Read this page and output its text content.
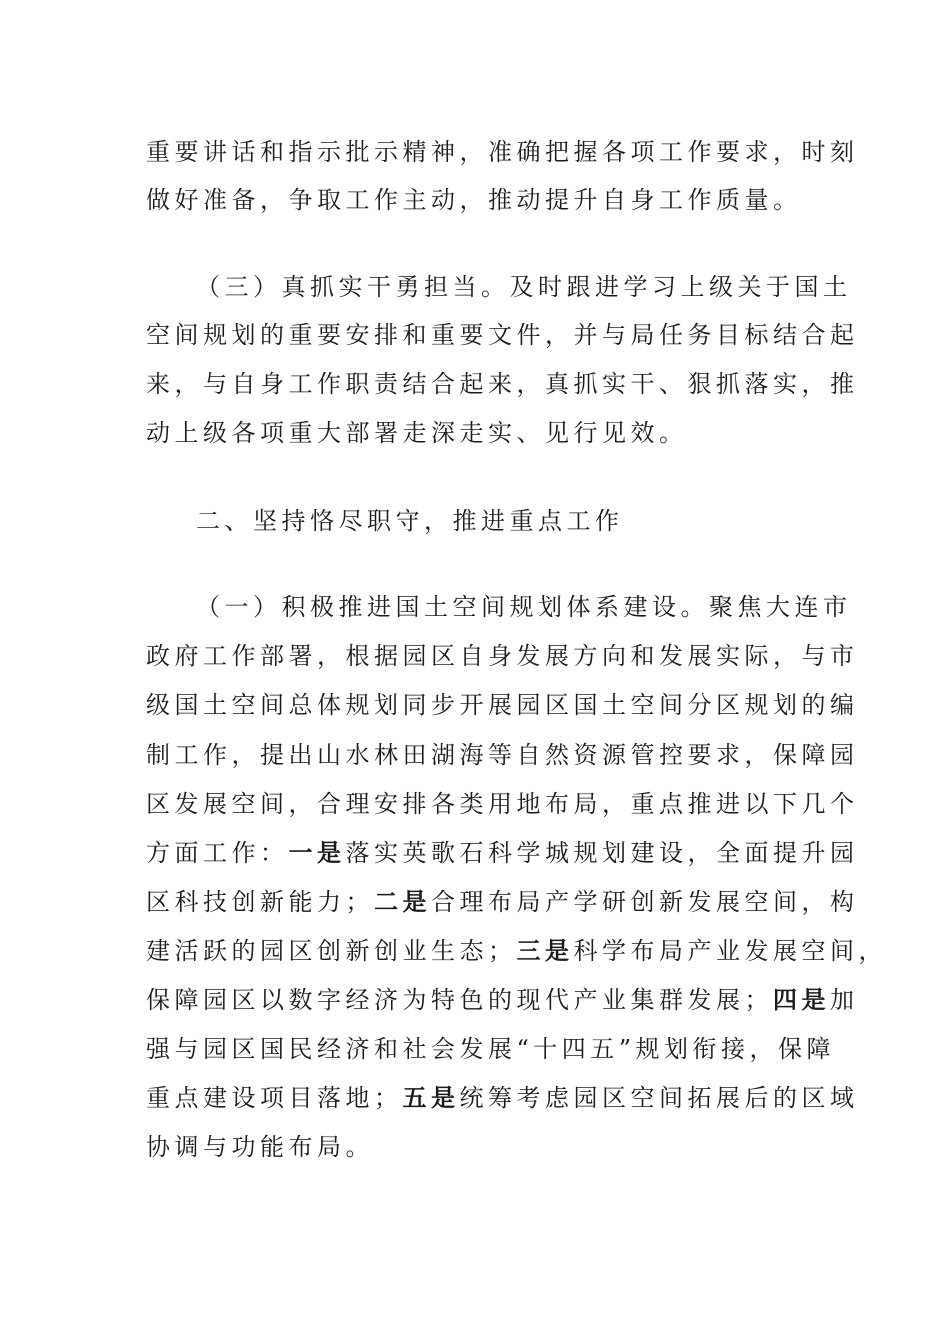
重要讲话和指示批示精神，准确把握各项工作要求，时刻
做好准备，争取工作主动，推动提升自身工作质量。
（三）真抓实干勇担当。及时跟进学习上级关于国土
空间规划的重要安排和重要文件，并与局任务目标结合起
来，与自身工作职责结合起来，真抓实干、狠抓落实，推
动上级各项重大部署走深走实、见行见效。
二、坚持恪尽职守，推进重点工作
（一）积极推进国土空间规划体系建设。聚焦大连市
政府工作部署，根据园区自身发展方向和发展实际，与市
级国土空间总体规划同步开展园区国土空间分区规划的编
制工作，提出山水林田湖海等自然资源管控要求，保障园
区发展空间，合理安排各类用地布局，重点推进以下几个
方面工作：一是落实英歌石科学城规划建设，全面提升园
区科技创新能力；二是合理布局产学研创新发展空间，构
建活跃的园区创新创业生态；三是科学布局产业发展空间，
保障园区以数字经济为特色的现代产业集群发展；四是加
强与园区国民经济和社会发展“十四五”规划衔接，保障
重点建设项目落地；五是统筹考虑园区空间拓展后的区域
协调与功能布局。
